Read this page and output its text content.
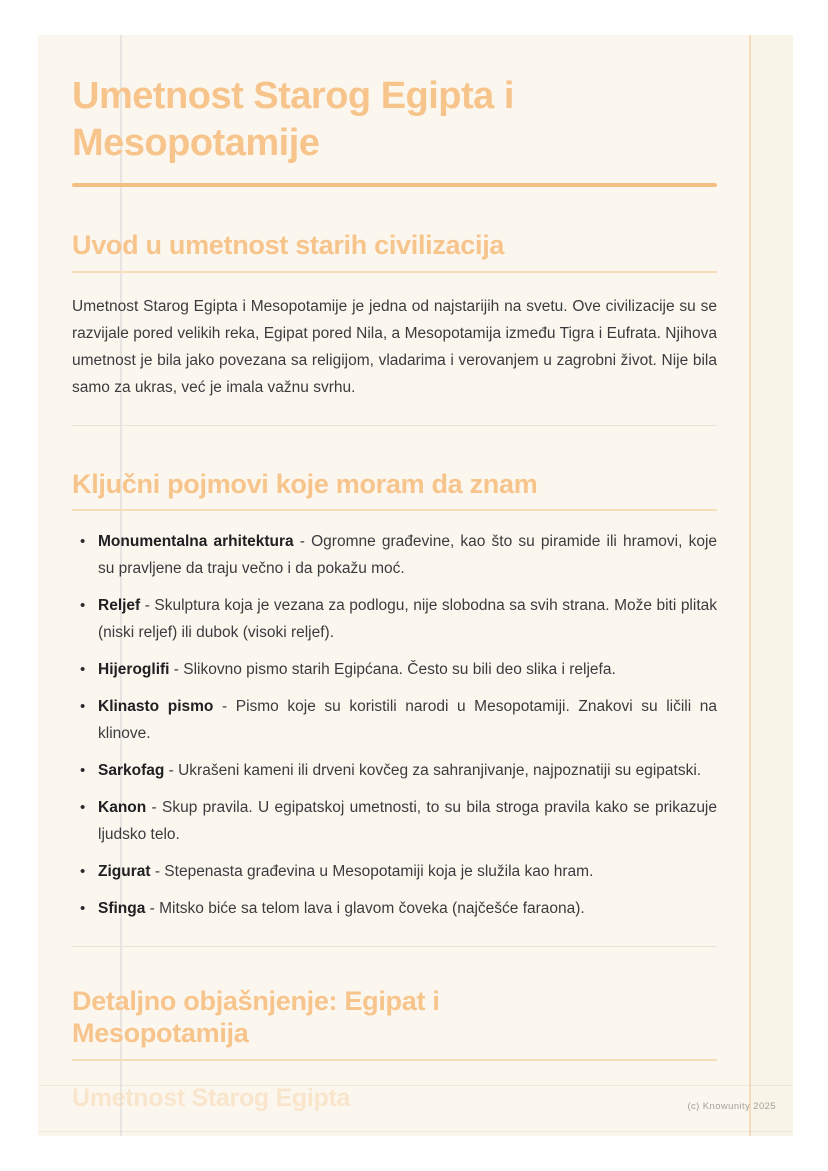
Umetnost Starog Egipta i Mesopotamije
Uvod u umetnost starih civilizacija

Umetnost Starog Egipta i Mesopotamije je jedna od najstarijih na svetu. Ove civilizacije su se razvijale pored velikih reka, Egipat pored Nila, a Mesopotamija između Tigra i Eufrata. Njihova umetnost je bila jako povezana sa religijom, vladarima i verovanjem u zagrobni život. Nije bila samo za ukras, već je imala važnu svrhu.

Ključni pojmovi koje moram da znam
• Monumentalna arhitektura - Ogromne građevine, kao što su piramide ili hramovi, koje su pravljene da traju večno i da pokažu moć.
• Reljef - Skulptura koja je vezana za podlogu, nije slobodna sa svih strana. Može biti plitak (niski reljef) ili dubok (visoki reljef).
• Hijeroglifi - Slikovno pismo starih Egipćana. Često su bili deo slika i reljefa.
• Klinasto pismo - Pismo koje su koristili narodi u Mesopotamiji. Znakovi su ličili na klinove.
• Sarkofag - Ukrašeni kameni ili drveni kovčeg za sahranjivanje, najpoznatiji su egipatski.
• Kanon - Skup pravila. U egipatskoj umetnosti, to su bila stroga pravila kako se prikazuje ljudsko telo.
• Zigurat - Stepenasta građevina u Mesopotamiji koja je služila kao hram.
• Sfinga - Mitsko biće sa telom lava i glavom čoveka (najčešće faraona).
Detaljno objašnjenje: Egipat i Mesopotamija
Umetnost Starog Egipta	(c) Knowunity 2025
